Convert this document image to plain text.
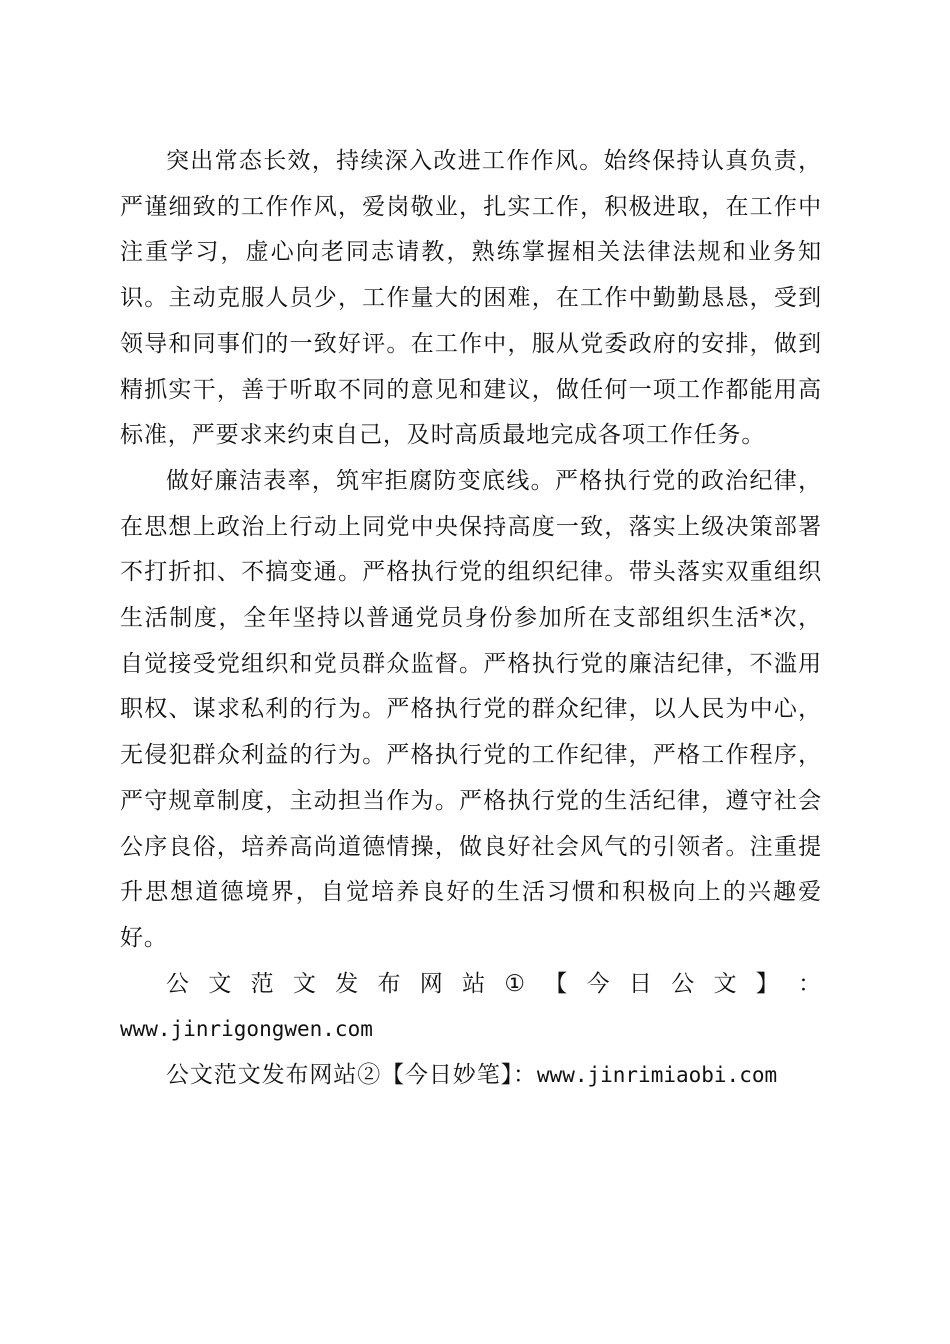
突出常态长效，持续深入改进工作作风。始终保持认真负责，严谨细致的工作作风，爱岗敬业，扎实工作，积极进取，在工作中注重学习，虚心向老同志请教，熟练掌握相关法律法规和业务知识。主动克服人员少，工作量大的困难，在工作中勤勤恳恳，受到领导和同事们的一致好评。在工作中，服从党委政府的安排，做到精抓实干，善于听取不同的意见和建议，做任何一项工作都能用高标准，严要求来约束自己，及时高质最地完成各项工作任务。

做好廉洁表率，筑牢拒腐防变底线。严格执行党的政治纪律，在思想上政治上行动上同党中央保持高度一致，落实上级决策部署不打折扣、不搞变通。严格执行党的组织纪律。带头落实双重组织生活制度，全年坚持以普通党员身份参加所在支部组织生活*次，自觉接受党组织和党员群众监督。严格执行党的廉洁纪律，不滥用职权、谋求私利的行为。严格执行党的群众纪律，以人民为中心，无侵犯群众利益的行为。严格执行党的工作纪律，严格工作程序，严守规章制度，主动担当作为。严格执行党的生活纪律，遵守社会公序良俗，培养高尚道德情操，做良好社会风气的引领者。注重提升思想道德境界，自觉培养良好的生活习惯和积极向上的兴趣爱好。

公 文 范 文 发 布 网 站 ① 【 今 日 公 文 】 ：
www.jinrigongwen.com
公文范文发布网站②【今日妙笔】：www.jinrimiaobi.com
